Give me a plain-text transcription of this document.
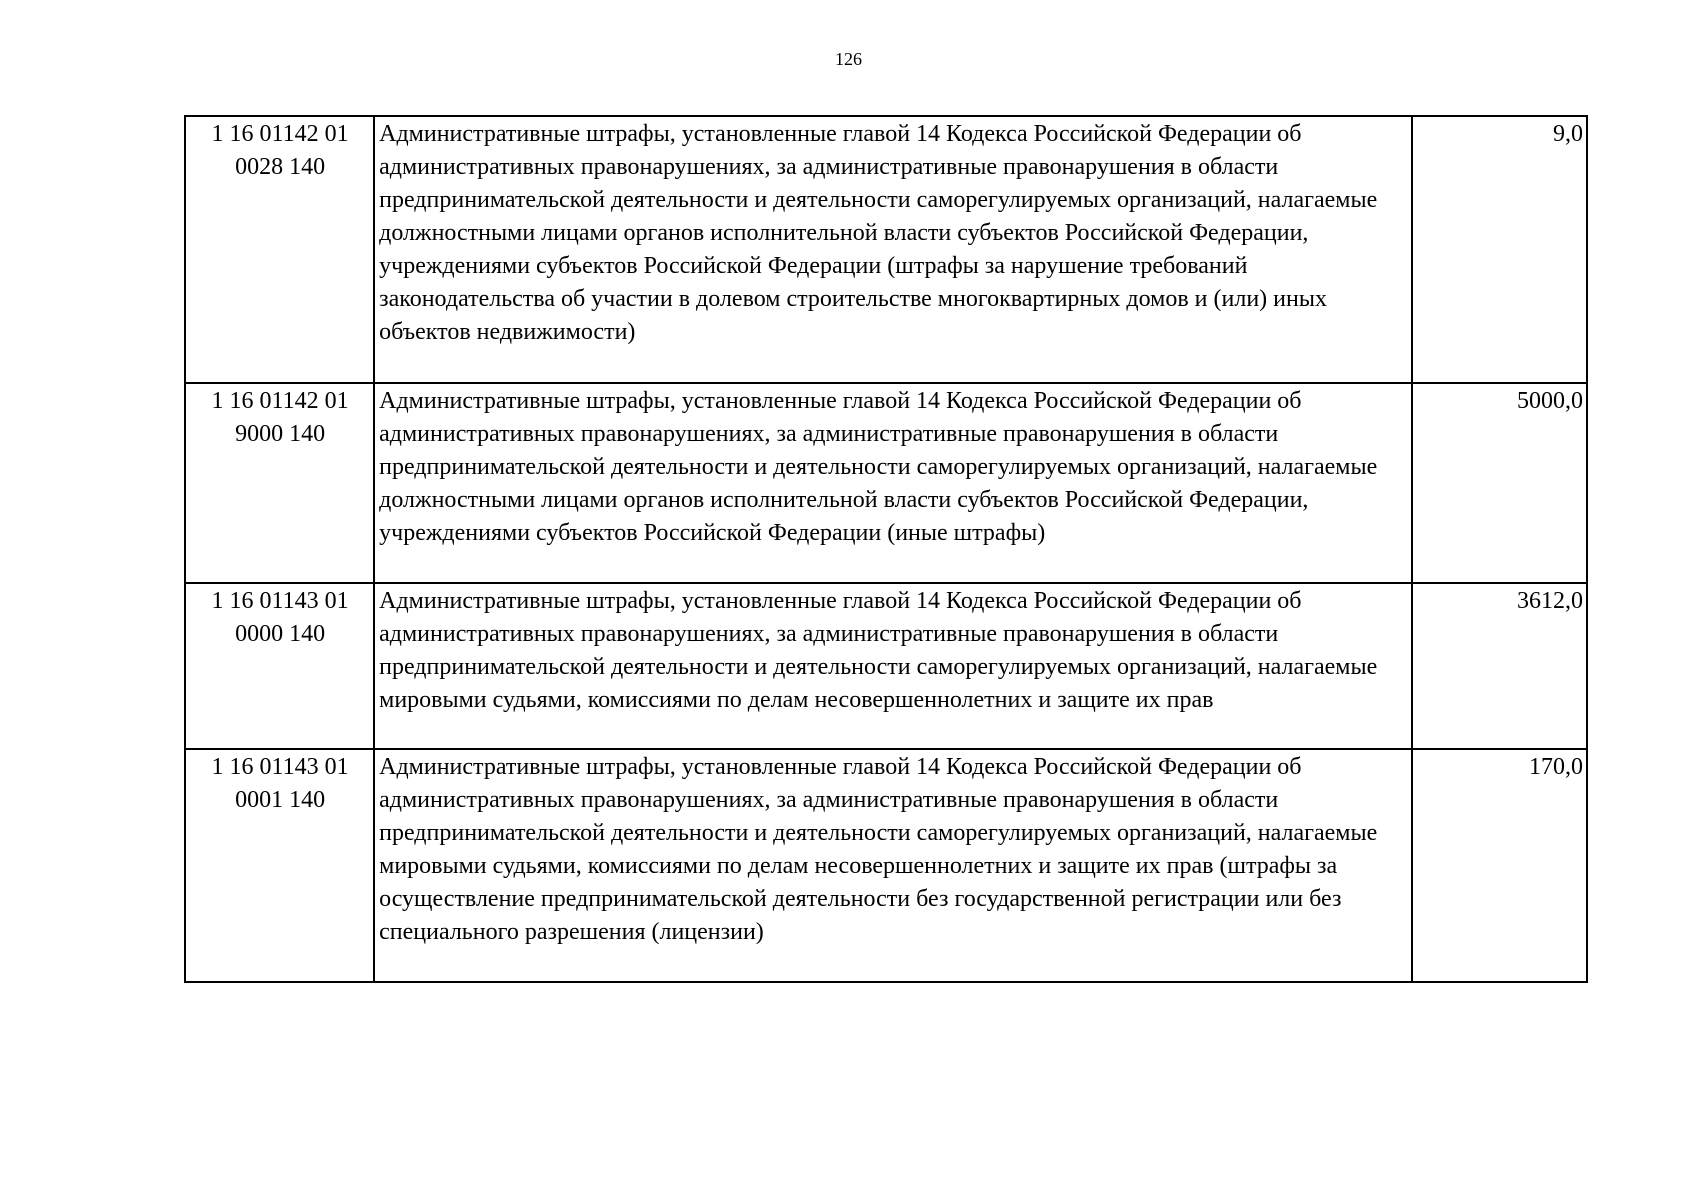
126
1 16 01142 01 0028 140	Административные штрафы, установленные главой 14 Кодекса Российской Федерации об административных правонарушениях, за административные правонарушения в области предпринимательской деятельности и деятельности саморегулируемых организаций, налагаемые должностными лицами органов исполнительной власти субъектов Российской Федерации, учреждениями субъектов Российской Федерации (штрафы за нарушение требований законодательства об участии в долевом строительстве многоквартирных домов и (или) иных объектов недвижимости)	9,0
1 16 01142 01 9000 140	Административные штрафы, установленные главой 14 Кодекса Российской Федерации об административных правонарушениях, за административные правонарушения в области предпринимательской деятельности и деятельности саморегулируемых организаций, налагаемые должностными лицами органов исполнительной власти субъектов Российской Федерации, учреждениями субъектов Российской Федерации (иные штрафы)	5000,0
1 16 01143 01 0000 140	Административные штрафы, установленные главой 14 Кодекса Российской Федерации об административных правонарушениях, за административные правонарушения в области предпринимательской деятельности и деятельности саморегулируемых организаций, налагаемые мировыми судьями, комиссиями по делам несовершеннолетних и защите их прав	3612,0
1 16 01143 01 0001 140	Административные штрафы, установленные главой 14 Кодекса Российской Федерации об административных правонарушениях, за административные правонарушения в области предпринимательской деятельности и деятельности саморегулируемых организаций, налагаемые мировыми судьями, комиссиями по делам несовершеннолетних и защите их прав (штрафы за осуществление предпринимательской деятельности без государственной регистрации или без специального разрешения (лицензии)	170,0
